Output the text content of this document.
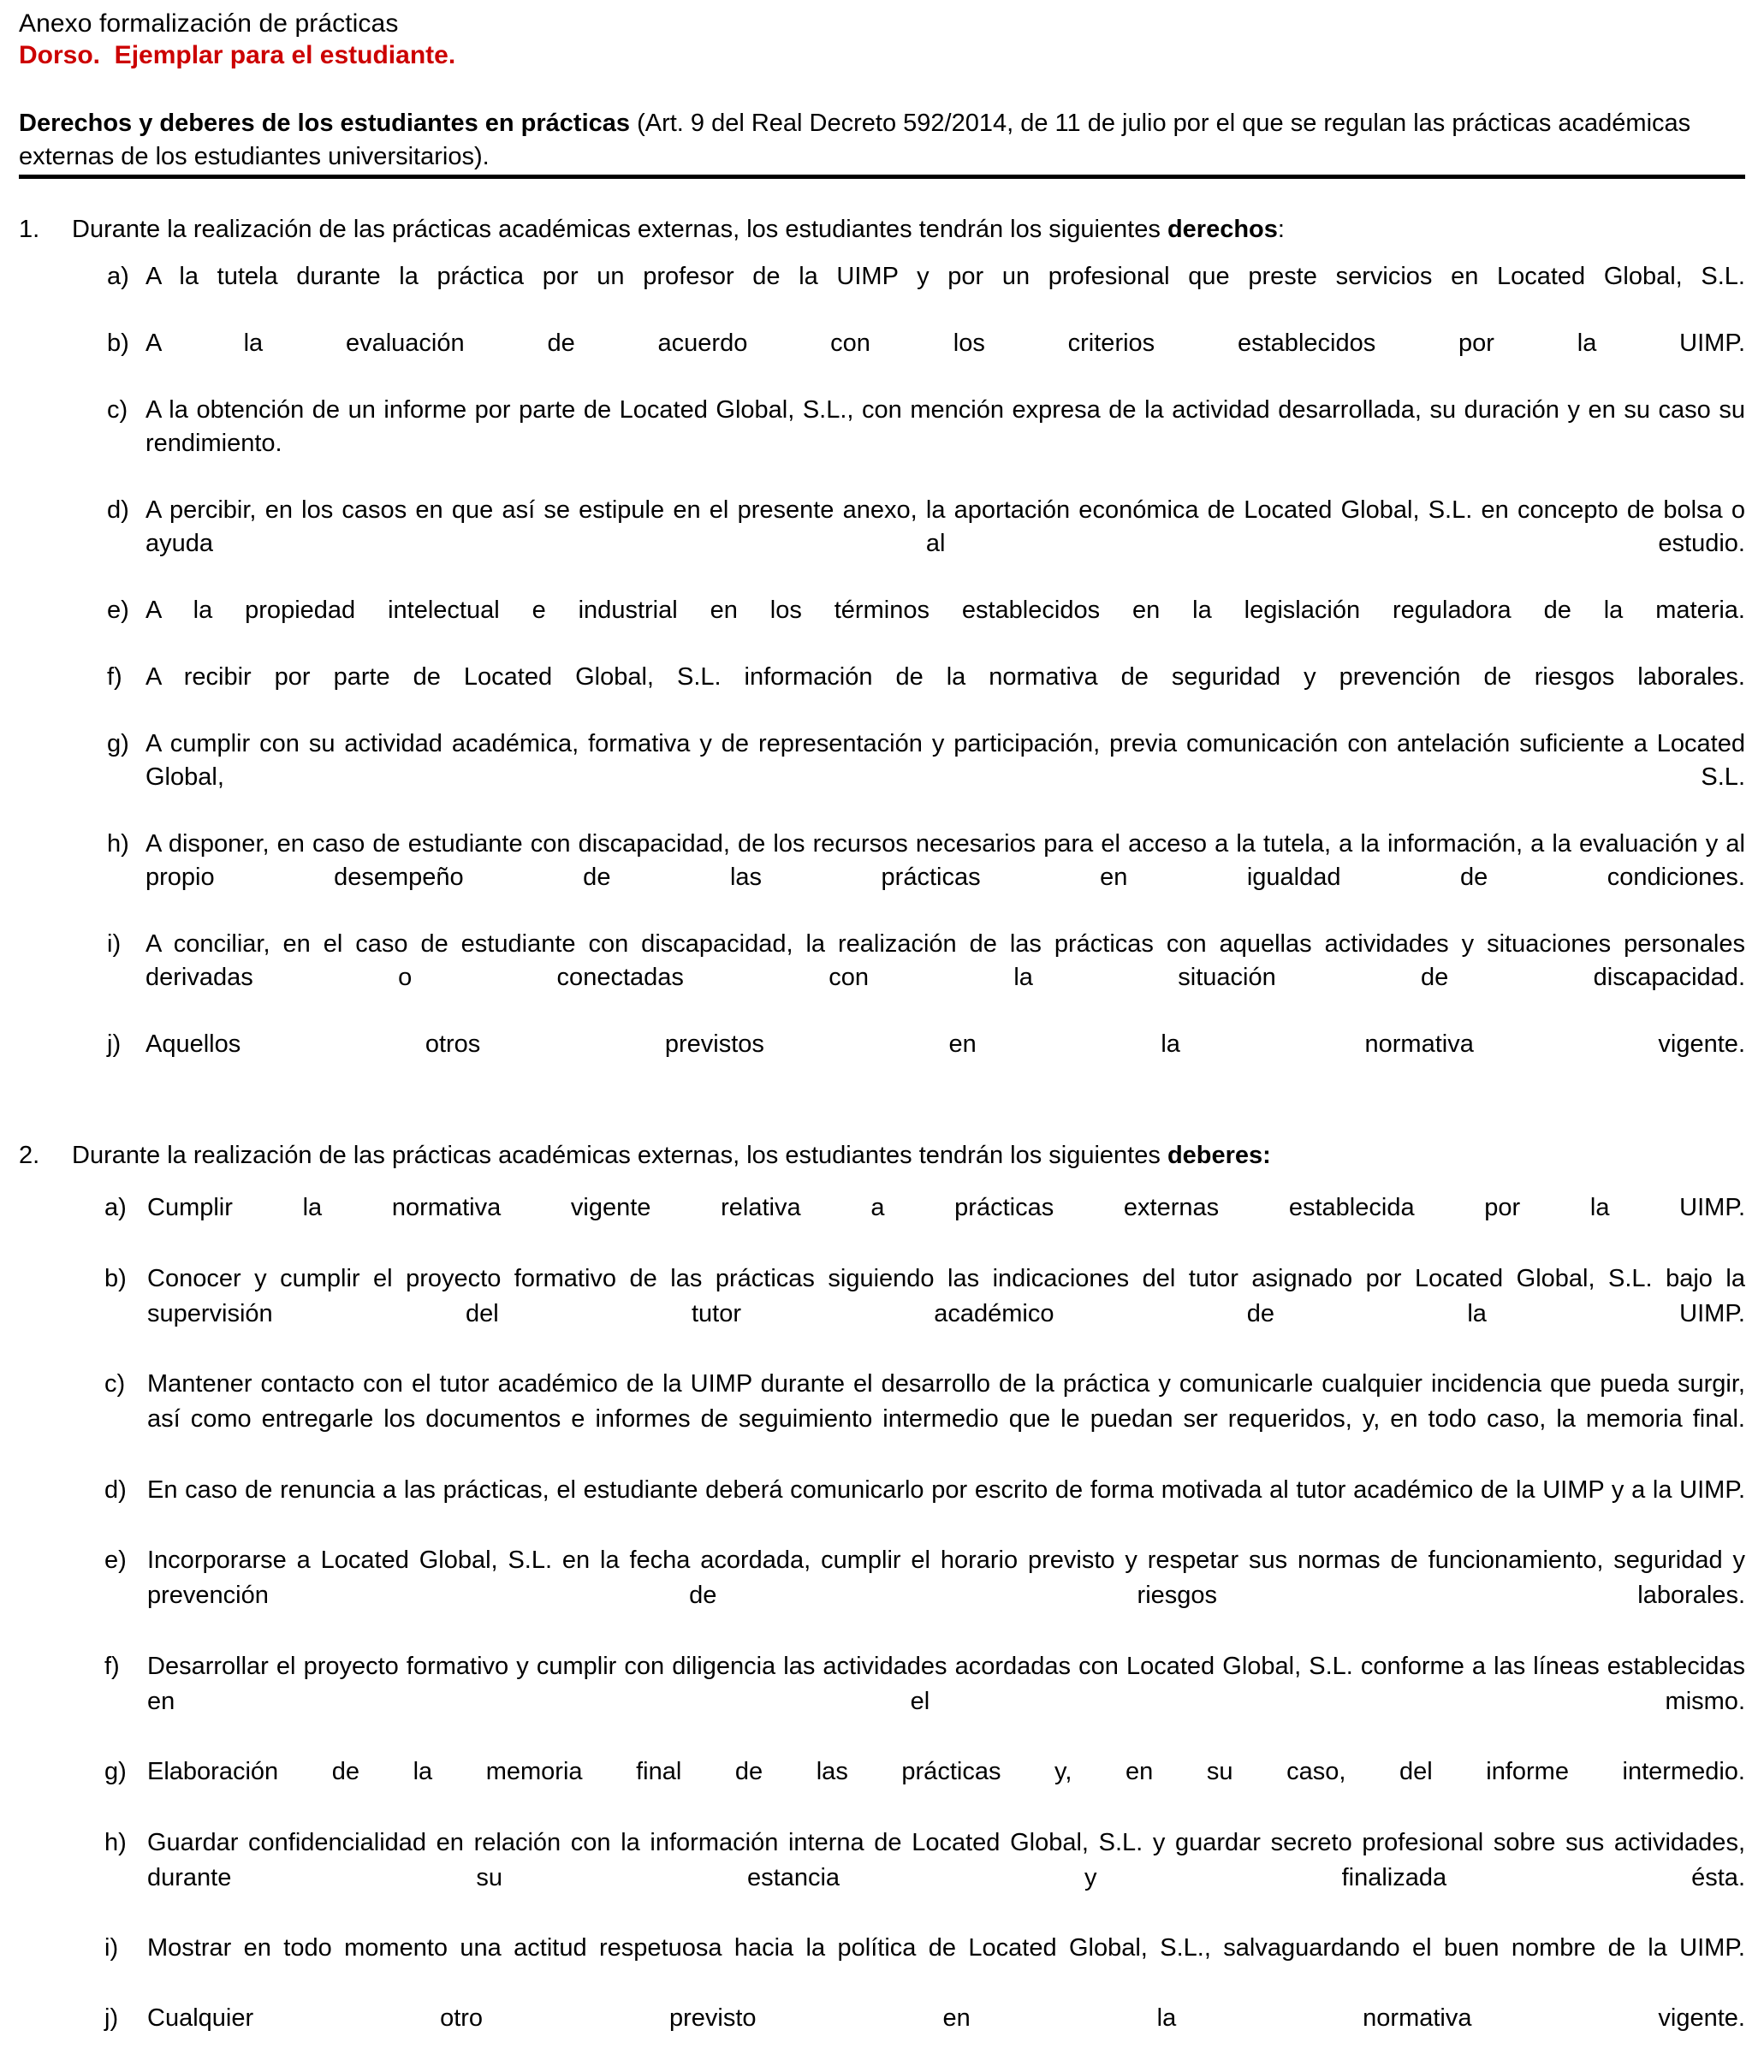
Anexo formalización de prácticas
Dorso.  Ejemplar para el estudiante.

Derechos y deberes de los estudiantes en prácticas (Art. 9 del Real Decreto 592/2014, de 11 de julio por el que se regulan las prácticas académicas externas de los estudiantes universitarios).

1.	Durante la realización de las prácticas académicas externas, los estudiantes tendrán los siguientes derechos:

a) A la tutela durante la práctica por un profesor de la UIMP y por un profesional que preste servicios en Located Global, S.L.

b) A la evaluación de acuerdo con los criterios establecidos por la UIMP.

c) A la obtención de un informe por parte de Located Global, S.L., con mención expresa de la actividad desarrollada, su duración y en su caso su rendimiento.

d) A percibir, en los casos en que así se estipule en el presente anexo, la aportación económica de Located Global, S.L. en concepto de bolsa o ayuda al estudio.

e) A la propiedad intelectual e industrial en los términos establecidos en la legislación reguladora de la materia.

f) A recibir por parte de Located Global, S.L. información de la normativa de seguridad y prevención de riesgos laborales.

g) A cumplir con su actividad académica, formativa y de representación y participación, previa comunicación con antelación suficiente a Located Global, S.L.

h) A disponer, en caso de estudiante con discapacidad, de los recursos necesarios para el acceso a la tutela, a la información, a la evaluación y al propio desempeño de las prácticas en igualdad de condiciones.

i) A conciliar, en el caso de estudiante con discapacidad, la realización de las prácticas con aquellas actividades y situaciones personales derivadas o conectadas con la situación de discapacidad.

j) Aquellos otros previstos en la normativa vigente.

2.	Durante la realización de las prácticas académicas externas, los estudiantes tendrán los siguientes deberes:

a) Cumplir la normativa vigente relativa a prácticas externas establecida por la UIMP.

b) Conocer y cumplir el proyecto formativo de las prácticas siguiendo las indicaciones del tutor asignado por Located Global, S.L. bajo la supervisión del tutor académico de la UIMP.

c) Mantener contacto con el tutor académico de la UIMP durante el desarrollo de la práctica y comunicarle cualquier incidencia que pueda surgir, así como entregarle los documentos e informes de seguimiento intermedio que le puedan ser requeridos, y, en todo caso, la memoria final.

d) En caso de renuncia a las prácticas, el estudiante deberá comunicarlo por escrito de forma motivada al tutor académico de la UIMP y a la UIMP.

e) Incorporarse a Located Global, S.L. en la fecha acordada, cumplir el horario previsto y respetar sus normas de funcionamiento, seguridad y prevención de riesgos laborales.

f)	Desarrollar el proyecto formativo y cumplir con diligencia las actividades acordadas con Located Global, S.L. conforme a las líneas establecidas en el mismo.

g) Elaboración de la memoria final de las prácticas y, en su caso, del informe intermedio.

h) Guardar confidencialidad en relación con la información interna de Located Global, S.L. y guardar secreto profesional sobre sus actividades, durante su estancia y finalizada ésta.

i)	Mostrar en todo momento una actitud respetuosa hacia la política de Located Global, S.L., salvaguardando el buen nombre de la UIMP.

j)	Cualquier otro previsto en la normativa vigente.
